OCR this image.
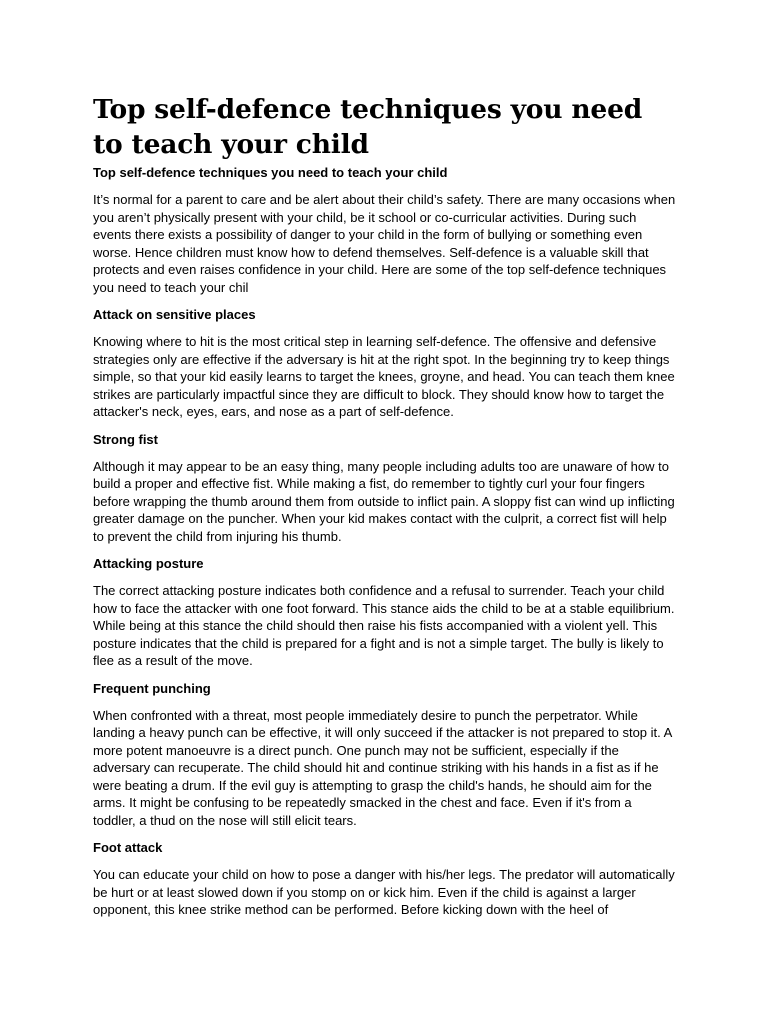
Top self-defence techniques you need to teach your child
Top self-defence techniques you need to teach your child

It’s normal for a parent to care and be alert about their child’s safety. There are many occasions when you aren’t physically present with your child, be it school or co-curricular activities. During such events there exists a possibility of danger to your child in the form of bullying or something even worse. Hence children must know how to defend themselves. Self-defence is a valuable skill that protects and even raises confidence in your child. Here are some of the top self-defence techniques you need to teach your chil

Attack on sensitive places

Knowing where to hit is the most critical step in learning self-defence. The offensive and defensive strategies only are effective if the adversary is hit at the right spot. In the beginning try to keep things simple, so that your kid easily learns to target the knees, groyne, and head. You can teach them knee strikes are particularly impactful since they are difficult to block. They should know how to target the attacker's neck, eyes, ears, and nose as a part of self-defence.

Strong fist

Although it may appear to be an easy thing, many people including adults too are unaware of how to build a proper and effective fist. While making a fist, do remember to tightly curl your four fingers before wrapping the thumb around them from outside to inflict pain. A sloppy fist can wind up inflicting greater damage on the puncher. When your kid makes contact with the culprit, a correct fist will help to prevent the child from injuring his thumb.

Attacking posture

The correct attacking posture indicates both confidence and a refusal to surrender. Teach your child how to face the attacker with one foot forward. This stance aids the child to be at a stable equilibrium. While being at this stance the child should then raise his fists accompanied with a violent yell. This posture indicates that the child is prepared for a fight and is not a simple target. The bully is likely to flee as a result of the move.

Frequent punching

When confronted with a threat, most people immediately desire to punch the perpetrator. While landing a heavy punch can be effective, it will only succeed if the attacker is not prepared to stop it. A more potent manoeuvre is a direct punch. One punch may not be sufficient, especially if the adversary can recuperate. The child should hit and continue striking with his hands in a fist as if he were beating a drum. If the evil guy is attempting to grasp the child's hands, he should aim for the arms. It might be confusing to be repeatedly smacked in the chest and face. Even if it's from a toddler, a thud on the nose will still elicit tears.

Foot attack

You can educate your child on how to pose a danger with his/her legs. The predator will automatically be hurt or at least slowed down if you stomp on or kick him. Even if the child is against a larger opponent, this knee strike method can be performed. Before kicking down with the heel of
